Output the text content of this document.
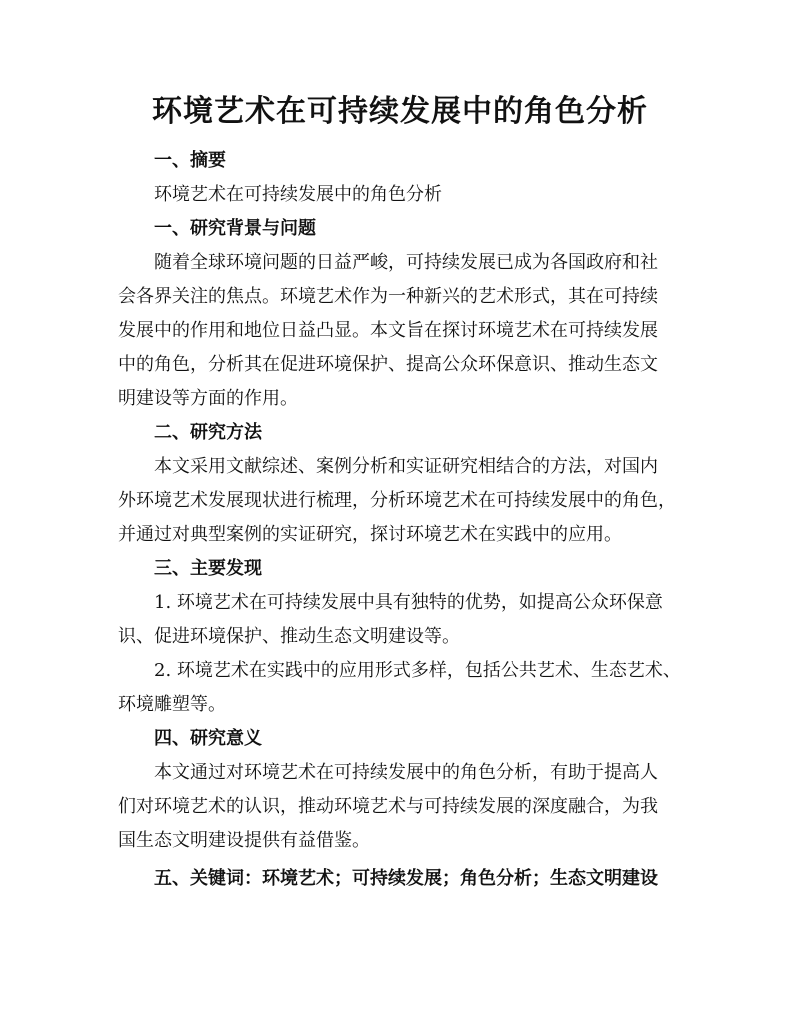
环境艺术在可持续发展中的角色分析

一、摘要

环境艺术在可持续发展中的角色分析

一、研究背景与问题

随着全球环境问题的日益严峻，可持续发展已成为各国政府和社

会各界关注的焦点。环境艺术作为一种新兴的艺术形式，其在可持续

发展中的作用和地位日益凸显。本文旨在探讨环境艺术在可持续发展

中的角色，分析其在促进环境保护、提高公众环保意识、推动生态文

明建设等方面的作用。

二、研究方法

本文采用文献综述、案例分析和实证研究相结合的方法，对国内

外环境艺术发展现状进行梳理，分析环境艺术在可持续发展中的角色，

并通过对典型案例的实证研究，探讨环境艺术在实践中的应用。

三、主要发现

1. 环境艺术在可持续发展中具有独特的优势，如提高公众环保意

识、促进环境保护、推动生态文明建设等。

2. 环境艺术在实践中的应用形式多样，包括公共艺术、生态艺术、

环境雕塑等。

四、研究意义

本文通过对环境艺术在可持续发展中的角色分析，有助于提高人

们对环境艺术的认识，推动环境艺术与可持续发展的深度融合，为我

国生态文明建设提供有益借鉴。

五、关键词：环境艺术；可持续发展；角色分析；生态文明建设
